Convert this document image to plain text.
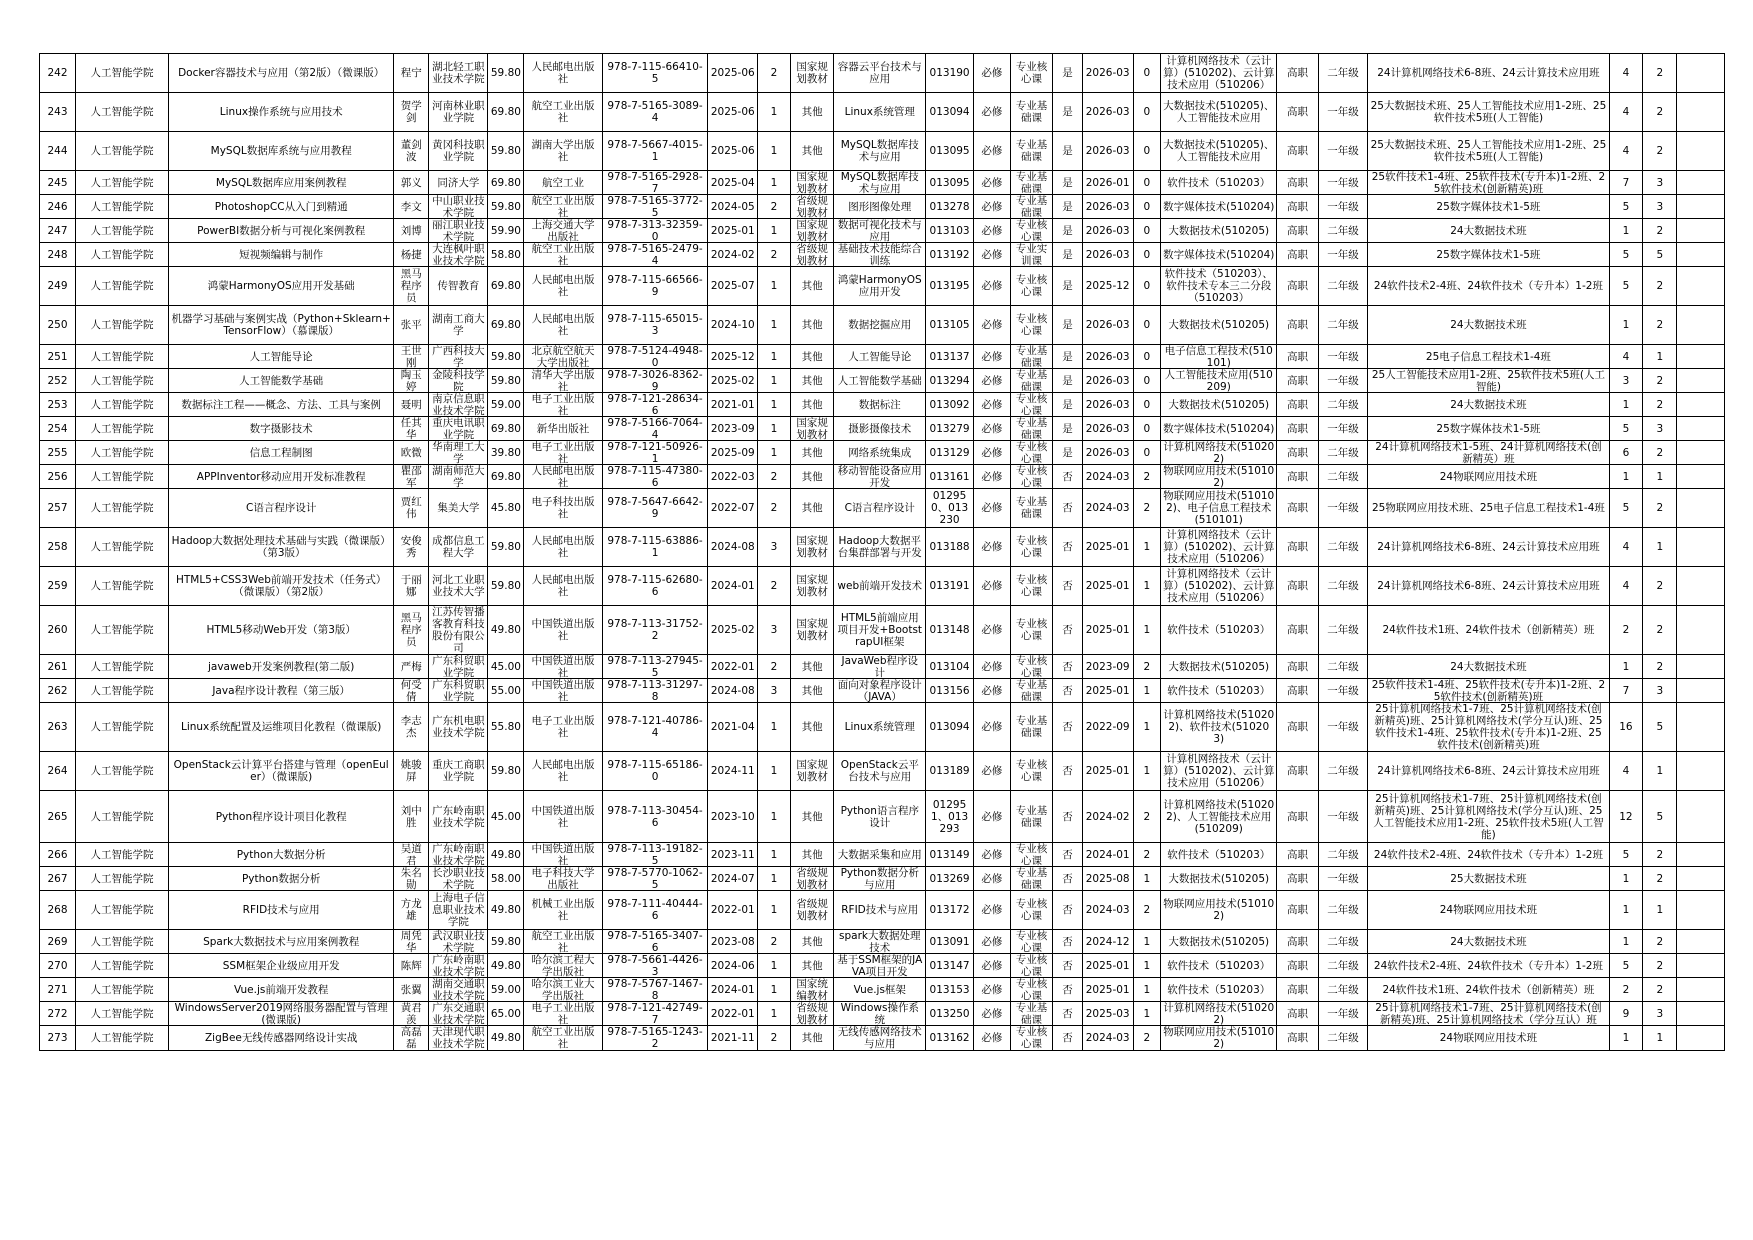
242	人工智能学院	Docker容器技术与应用（第2版）（微课版）	程宁	湖北轻工职业技术学院	59.80	人民邮电出版社	978-7-115-66410-5	2025-06	2	国家规划教材	容器云平台技术与应用	013190	必修	专业核心课	是	2026-03	0	计算机网络技术（云计算）(510202)、云计算技术应用（510206）	高职	二年级	24计算机网络技术6-8班、24云计算技术应用班	4	2	

243	人工智能学院	Linux操作系统与应用技术	贺学剑	河南林业职业学院	69.80	航空工业出版社	978-7-5165-3089-4	2025-06	1	其他	Linux系统管理	013094	必修	专业基础课	是	2026-03	0	大数据技术(510205)、人工智能技术应用	高职	一年级	25大数据技术班、25人工智能技术应用1-2班、25软件技术5班(人工智能)	4	2	

244	人工智能学院	MySQL数据库系统与应用教程	董剑波	黄冈科技职业学院	59.80	湖南大学出版社	978-7-5667-4015-1	2025-06	1	其他	MySQL数据库技术与应用	013095	必修	专业基础课	是	2026-03	0	大数据技术(510205)、人工智能技术应用	高职	一年级	25大数据技术班、25人工智能技术应用1-2班、25软件技术5班(人工智能)	4	2	

245	人工智能学院	MySQL数据库应用案例教程	郭义	同济大学	69.80	航空工业	978-7-5165-2928-7	2025-04	1	国家规划教材	MySQL数据库技术与应用	013095	必修	专业基础课	是	2026-01	0	软件技术（510203）	高职	一年级	25软件技术1-4班、25软件技术(专升本)1-2班、25软件技术(创新精英)班	7	3	

246	人工智能学院	PhotoshopCC从入门到精通	李文	中山职业技术学院	59.80	航空工业出版社	978-7-5165-3772-5	2024-05	2	省级规划教材	图形图像处理	013278	必修	专业基础课	是	2026-03	0	数字媒体技术(510204)	高职	一年级	25数字媒体技术1-5班	5	3	

247	人工智能学院	PowerBI数据分析与可视化案例教程	刘博	丽江职业技术学院	59.90	上海交通大学出版社	978-7-313-32359-0	2025-01	1	国家规划教材	数据可视化技术与应用	013103	必修	专业核心课	是	2026-03	0	大数据技术(510205)	高职	二年级	24大数据技术班	1	2	

248	人工智能学院	短视频编辑与制作	杨捷	大连枫叶职业技术学院	58.80	航空工业出版社	978-7-5165-2479-4	2024-02	2	省级规划教材	基础技术技能综合训练	013192	必修	专业实训课	是	2026-03	0	数字媒体技术(510204)	高职	一年级	25数字媒体技术1-5班	5	5	

249	人工智能学院	鸿蒙HarmonyOS应用开发基础	黑马程序员	传智教育	69.80	人民邮电出版社	978-7-115-66566-9	2025-07	1	其他	鸿蒙HarmonyOS应用开发	013195	必修	专业核心课	是	2025-12	0	软件技术（510203）、软件技术专本三二分段（510203）	高职	二年级	24软件技术2-4班、24软件技术（专升本）1-2班	5	2	

250	人工智能学院	机器学习基础与案例实战（Python+Sklearn+TensorFlow）（慕课版）	张平	湖南工商大学	69.80	人民邮电出版社	978-7-115-65015-3	2024-10	1	其他	数据挖掘应用	013105	必修	专业核心课	是	2026-03	0	大数据技术(510205)	高职	二年级	24大数据技术班	1	2	

251	人工智能学院	人工智能导论	王世刚	广西科技大学	59.80	北京航空航天大学出版社	978-7-5124-4948-0	2025-12	1	其他	人工智能导论	013137	必修	专业基础课	是	2026-03	0	电子信息工程技术(510101)	高职	一年级	25电子信息工程技术1-4班	4	1	

252	人工智能学院	人工智能数学基础	陶玉婷	金陵科技学院	59.80	清华大学出版社	978-7-3026-8362-9	2025-02	1	其他	人工智能数学基础	013294	必修	专业基础课	是	2026-03	0	人工智能技术应用(510209)	高职	一年级	25人工智能技术应用1-2班、25软件技术5班(人工智能)	3	2	

253	人工智能学院	数据标注工程——概念、方法、工具与案例	聂明	南京信息职业技术学院	59.00	电子工业出版社	978-7-121-28634-6	2021-01	1	其他	数据标注	013092	必修	专业核心课	是	2026-03	0	大数据技术(510205)	高职	二年级	24大数据技术班	1	2	

254	人工智能学院	数字摄影技术	任其华	重庆电讯职业学院	69.80	新华出版社	978-7-5166-7064-4	2023-09	1	国家规划教材	摄影摄像技术	013279	必修	专业基础课	是	2026-03	0	数字媒体技术(510204)	高职	一年级	25数字媒体技术1-5班	5	3	

255	人工智能学院	信息工程制图	欧微	华南理工大学	39.80	电子工业出版社	978-7-121-50926-1	2025-09	1	其他	网络系统集成	013129	必修	专业核心课	是	2026-03	0	计算机网络技术(510202)	高职	二年级	24计算机网络技术1-5班、24计算机网络技术(创新精英）班	6	2	

256	人工智能学院	APPInventor移动应用开发标准教程	瞿邵军	湖南师范大学	69.80	人民邮电出版社	978-7-115-47380-6	2022-03	2	其他	移动智能设备应用开发	013161	必修	专业核心课	否	2024-03	2	物联网应用技术(510102)	高职	二年级	24物联网应用技术班	1	1	

257	人工智能学院	C语言程序设计	贾红伟	集美大学	45.80	电子科技出版社	978-7-5647-6642-9	2022-07	2	其他	C语言程序设计	012950、013230	必修	专业基础课	否	2024-03	2	物联网应用技术(510102)、电子信息工程技术(510101)	高职	一年级	25物联网应用技术班、25电子信息工程技术1-4班	5	2	

258	人工智能学院	Hadoop大数据处理技术基础与实践（微课版）（第3版）	安俊秀	成都信息工程大学	59.80	人民邮电出版社	978-7-115-63886-1	2024-08	3	国家规划教材	Hadoop大数据平台集群部署与开发	013188	必修	专业核心课	否	2025-01	1	计算机网络技术（云计算）(510202)、云计算技术应用（510206）	高职	二年级	24计算机网络技术6-8班、24云计算技术应用班	4	1	

259	人工智能学院	HTML5+CSS3Web前端开发技术（任务式）（微课版）（第2版）	于丽娜	河北工业职业技术大学	59.80	人民邮电出版社	978-7-115-62680-6	2024-01	2	国家规划教材	web前端开发技术	013191	必修	专业核心课	否	2025-01	1	计算机网络技术（云计算）(510202)、云计算技术应用（510206）	高职	二年级	24计算机网络技术6-8班、24云计算技术应用班	4	2	

260	人工智能学院	HTML5移动Web开发（第3版）	黑马程序员	江苏传智播客教育科技股份有限公司	49.80	中国铁道出版社	978-7-113-31752-2	2025-02	3	国家规划教材	HTML5前端应用项目开发+BootstrapUI框架	013148	必修	专业核心课	否	2025-01	1	软件技术（510203）	高职	二年级	24软件技术1班、24软件技术（创新精英）班	2	2	

261	人工智能学院	javaweb开发案例教程(第二版)	严梅	广东科贸职业学院	45.00	中国铁道出版社	978-7-113-27945-5	2022-01	2	其他	JavaWeb程序设计	013104	必修	专业核心课	否	2023-09	2	大数据技术(510205)	高职	二年级	24大数据技术班	1	2	

262	人工智能学院	Java程序设计教程（第三版）	何受倩	广东科贸职业学院	55.00	中国铁道出版社	978-7-113-31297-8	2024-08	3	其他	面向对象程序设计（JAVA）	013156	必修	专业基础课	否	2025-01	1	软件技术（510203）	高职	一年级	25软件技术1-4班、25软件技术(专升本)1-2班、25软件技术(创新精英)班	7	3	

263	人工智能学院	Linux系统配置及运维项目化教程（微课版)	李志杰	广东机电职业技术学院	55.80	电子工业出版社	978-7-121-40786-4	2021-04	1	其他	Linux系统管理	013094	必修	专业基础课	否	2022-09	1	计算机网络技术(510202)、软件技术(510203)	高职	一年级	25计算机网络技术1-7班、25计算机网络技术(创新精英)班、25计算机网络技术(学分互认)班、25软件技术1-4班、25软件技术(专升本)1-2班、25软件技术(创新精英)班	16	5	

264	人工智能学院	OpenStack云计算平台搭建与管理（openEuler）（微课版)	姚骏屏	重庆工商职业学院	59.80	人民邮电出版社	978-7-115-65186-0	2024-11	1	国家规划教材	OpenStack云平台技术与应用	013189	必修	专业核心课	否	2025-01	1	计算机网络技术（云计算）(510202)、云计算技术应用（510206）	高职	二年级	24计算机网络技术6-8班、24云计算技术应用班	4	1	

265	人工智能学院	Python程序设计项目化教程	刘中胜	广东岭南职业技术学院	45.00	中国铁道出版社	978-7-113-30454-6	2023-10	1	其他	Python语言程序设计	012951、013293	必修	专业基础课	否	2024-02	2	计算机网络技术(510202)、人工智能技术应用(510209)	高职	一年级	25计算机网络技术1-7班、25计算机网络技术(创新精英)班、25计算机网络技术(学分互认)班、25人工智能技术应用1-2班、25软件技术5班(人工智能)	12	5	

266	人工智能学院	Python大数据分析	吴道君	广东岭南职业技术学院	49.80	中国铁道出版社	978-7-113-19182-5	2023-11	1	其他	大数据采集和应用	013149	必修	专业核心课	否	2024-01	2	软件技术（510203）	高职	二年级	24软件技术2-4班、24软件技术（专升本）1-2班	5	2	

267	人工智能学院	Python数据分析	朱名勋	长沙职业技术学院	58.00	电子科技大学出版社	978-7-5770-1062-5	2024-07	1	省级规划教材	Python数据分析与应用	013269	必修	专业基础课	否	2025-08	1	大数据技术(510205)	高职	一年级	25大数据技术班	1	2	

268	人工智能学院	RFID技术与应用	方龙雄	上海电子信息职业技术学院	49.80	机械工业出版社	978-7-111-40444-6	2022-01	1	省级规划教材	RFID技术与应用	013172	必修	专业核心课	否	2024-03	2	物联网应用技术(510102)	高职	二年级	24物联网应用技术班	1	1	

269	人工智能学院	Spark大数据技术与应用案例教程	周凭华	武汉职业技术学院	59.80	航空工业出版社	978-7-5165-3407-6	2023-08	2	其他	spark大数据处理技术	013091	必修	专业核心课	否	2024-12	1	大数据技术(510205)	高职	二年级	24大数据技术班	1	2	

270	人工智能学院	SSM框架企业级应用开发	陈辉	广东岭南职业技术学院	49.80	哈尔滨工程大学出版社	978-7-5661-4426-3	2024-06	1	其他	基于SSM框架的JAVA项目开发	013147	必修	专业核心课	否	2025-01	1	软件技术（510203）	高职	二年级	24软件技术2-4班、24软件技术（专升本）1-2班	5	2	

271	人工智能学院	Vue.js前端开发教程	张翼	湖南交通职业技术学院	59.00	哈尔滨工业大学出版社	978-7-5767-1467-8	2024-01	1	国家统编教材	Vue.js框架	013153	必修	专业核心课	否	2025-01	1	软件技术（510203）	高职	二年级	24软件技术1班、24软件技术（创新精英）班	2	2	

272	人工智能学院	WindowsServer2019网络服务器配置与管理(微课版)	黄君羡	广东交通职业技术学院	65.00	电子工业出版社	978-7-121-42749-7	2022-01	1	省级规划教材	Windows操作系统	013250	必修	专业基础课	否	2025-03	1	计算机网络技术(510202)	高职	一年级	25计算机网络技术1-7班、25计算机网络技术(创新精英)班、25计算机网络技术（学分互认）班	9	3	

273	人工智能学院	ZigBee无线传感器网络设计实战	高磊磊	天津现代职业技术学院	49.80	航空工业出版社	978-7-5165-1243-2	2021-11	2	其他	无线传感网络技术与应用	013162	必修	专业核心课	否	2024-03	2	物联网应用技术(510102)	高职	二年级	24物联网应用技术班	1	1	
